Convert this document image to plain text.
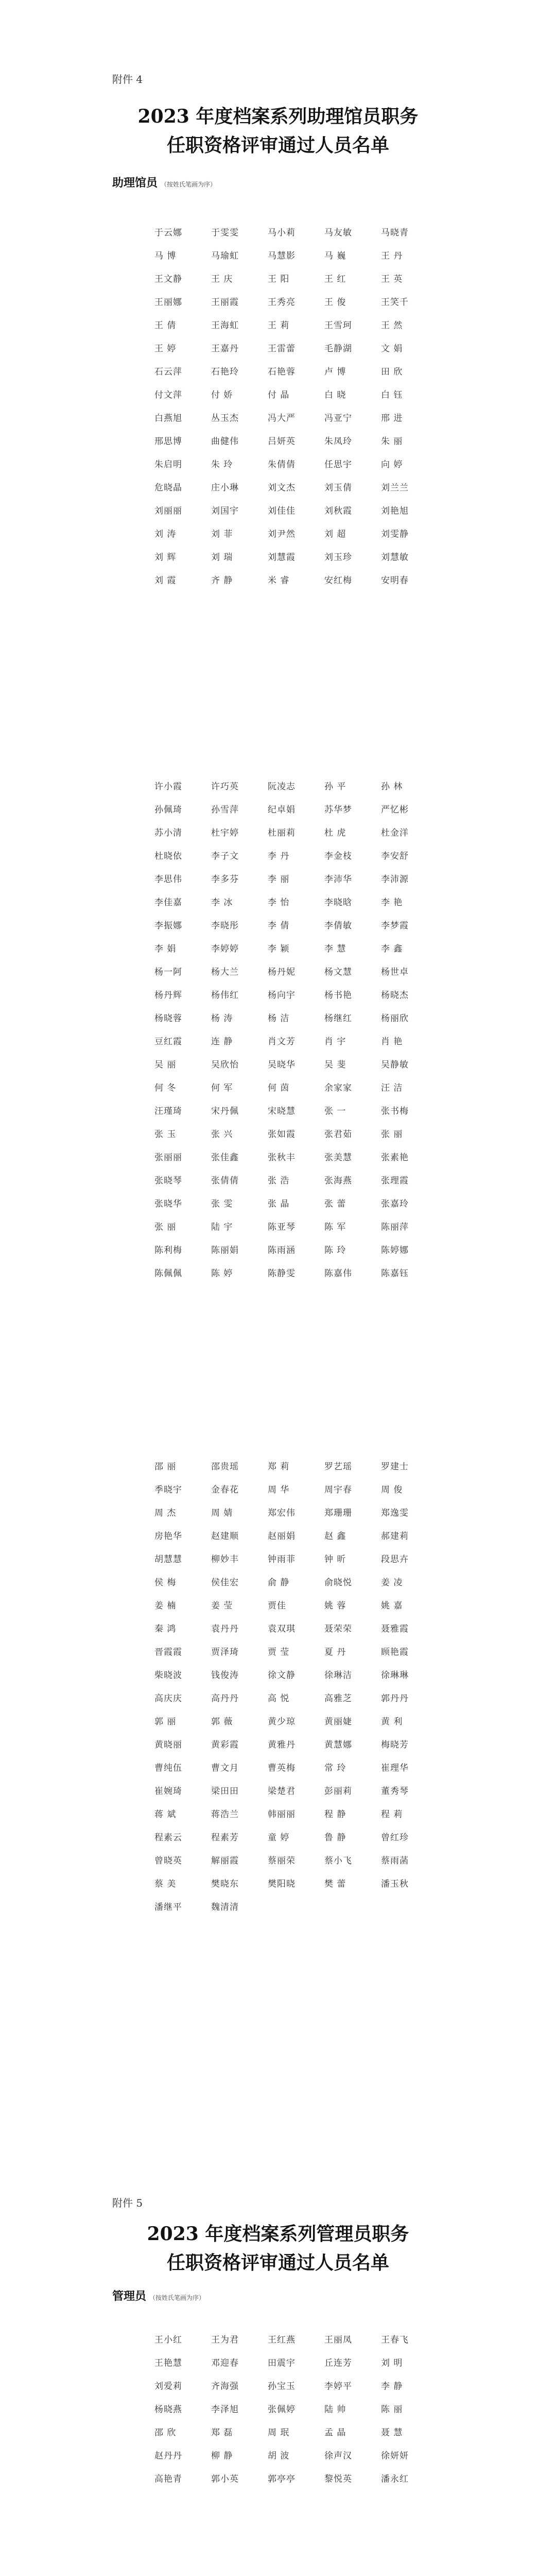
附件 4
2023 年度档案系列助理馆员职务
任职资格评审通过人员名单
助理馆员 （按姓氏笔画为序）
于云娜	于雯雯	马小莉	马友敏	马晓青
马 博	马瑜虹	马慧影	马 巍	王 丹
王文静	王 庆	王 阳	王 红	王 英
王丽娜	王丽霞	王秀亮	王 俊	王笑千
王 倩	王海虹	王 莉	王雪珂	王 然
王 婷	王嘉丹	王雷蕾	毛静湖	文 娟
石云萍	石艳玲	石艳蓉	卢 博	田 欣
付文萍	付 娇	付 晶	白 晓	白 钰
白燕旭	丛玉杰	冯大严	冯亚宁	邢 进
邢思博	曲健伟	吕妍英	朱凤玲	朱 丽
朱启明	朱 玲	朱倩倩	任思宇	向 婷
危晓晶	庄小琳	刘文杰	刘玉倩	刘兰兰
刘丽丽	刘国宇	刘佳佳	刘秋霞	刘艳旭
刘 涛	刘 菲	刘尹然	刘 超	刘雯静
刘 辉	刘 瑞	刘慧霞	刘玉珍	刘慧敏
刘 霞	齐 静	米 睿	安红梅	安明春
许小霞	许巧英	阮凌志	孙 平	孙 林
孙佩琦	孙雪萍	纪卓娟	苏华梦	严忆彬
苏小清	杜宇婷	杜丽莉	杜 虎	杜金洋
杜晓依	李子文	李 丹	李金枝	李安舒
李思伟	李多芬	李 丽	李沛华	李沛源
李佳嘉	李 冰	李 怡	李晓晗	李 艳
李振娜	李晓彤	李 倩	李倩敏	李梦霞
李 娟	李婷婷	李 颖	李 慧	李 鑫
杨一阿	杨大兰	杨丹妮	杨文慧	杨世卓
杨丹辉	杨伟红	杨向宇	杨书艳	杨晓杰
杨晓蓉	杨 涛	杨 洁	杨继红	杨丽欣
豆红霞	连 静	肖文芳	肖 宇	肖 艳
吴 丽	吴欣怡	吴晓华	吴 斐	吴静敏
何 冬	何 军	何 茵	余家家	汪 洁
汪瑾琦	宋丹佩	宋晓慧	张 一	张书梅
张 玉	张 兴	张如霞	张君茹	张 丽
张丽丽	张佳鑫	张秋丰	张美慧	张素艳
张晓琴	张倩倩	张 浩	张海燕	张理霞
张晓华	张 雯	张 晶	张 蕾	张嘉玲
张 丽	陆 宇	陈亚琴	陈 军	陈丽萍
陈利梅	陈丽娟	陈雨涵	陈 玲	陈婷娜
陈佩佩	陈 婷	陈静雯	陈嘉伟	陈嘉钰
邵 丽	邵贵瑶	郑 莉	罗艺瑶	罗建士
季晓宇	金春花	周 华	周宇春	周 俊
周 杰	周 婧	郑宏伟	郑珊珊	郑逸雯
房艳华	赵建顺	赵丽娟	赵 鑫	郝建莉
胡慧慧	柳妙丰	钟雨菲	钟 昕	段思卉
侯 梅	侯佳宏	俞 静	俞晓悦	姜 凌
姜 楠	姜 莹	贾佳	姚 蓉	姚 嘉
秦 鸿	袁丹丹	袁双琪	聂荣荣	聂雅霞
晋霞霞	贾泽琦	贾 莹	夏 丹	顾艳霞
柴晓波	钱俊涛	徐文静	徐琳洁	徐琳琳
高庆庆	高丹丹	高 悦	高雅芝	郭丹丹
郭 丽	郭 薇	黄少琼	黄丽婕	黄 利
黄晓丽	黄彩霞	黄雅丹	黄慧娜	梅晓芳
曹纯伍	曹文月	曹英梅	常 玲	崔理华
崔婉琦	梁田田	梁楚君	彭丽莉	董秀琴
蒋 斌	蒋浩兰	韩丽丽	程 静	程 莉
程素云	程素芳	童 婷	鲁 静	曾红珍
曾晓英	解丽霞	蔡丽荣	蔡小飞	蔡雨菡
蔡 美	樊晓东	樊阳晓	樊 蕾	潘玉秋
潘继平	魏清清
附件 5
2023 年度档案系列管理员职务
任职资格评审通过人员名单
管理员 （按姓氏笔画为序）
王小红	王为君	王红燕	王丽凤	王春飞
王艳慧	邓迎春	田震宇	丘连芳	刘 明
刘爱莉	齐海强	孙宝玉	李婷平	李 静
杨晓燕	李泽旭	张佩婷	陆 帅	陈 丽
邵 欣	郑 磊	周 珉	孟 晶	聂 慧
赵丹丹	柳 静	胡 波	徐声汉	徐妍妍
高艳青	郭小英	郭亭亭	黎悦英	潘永红
